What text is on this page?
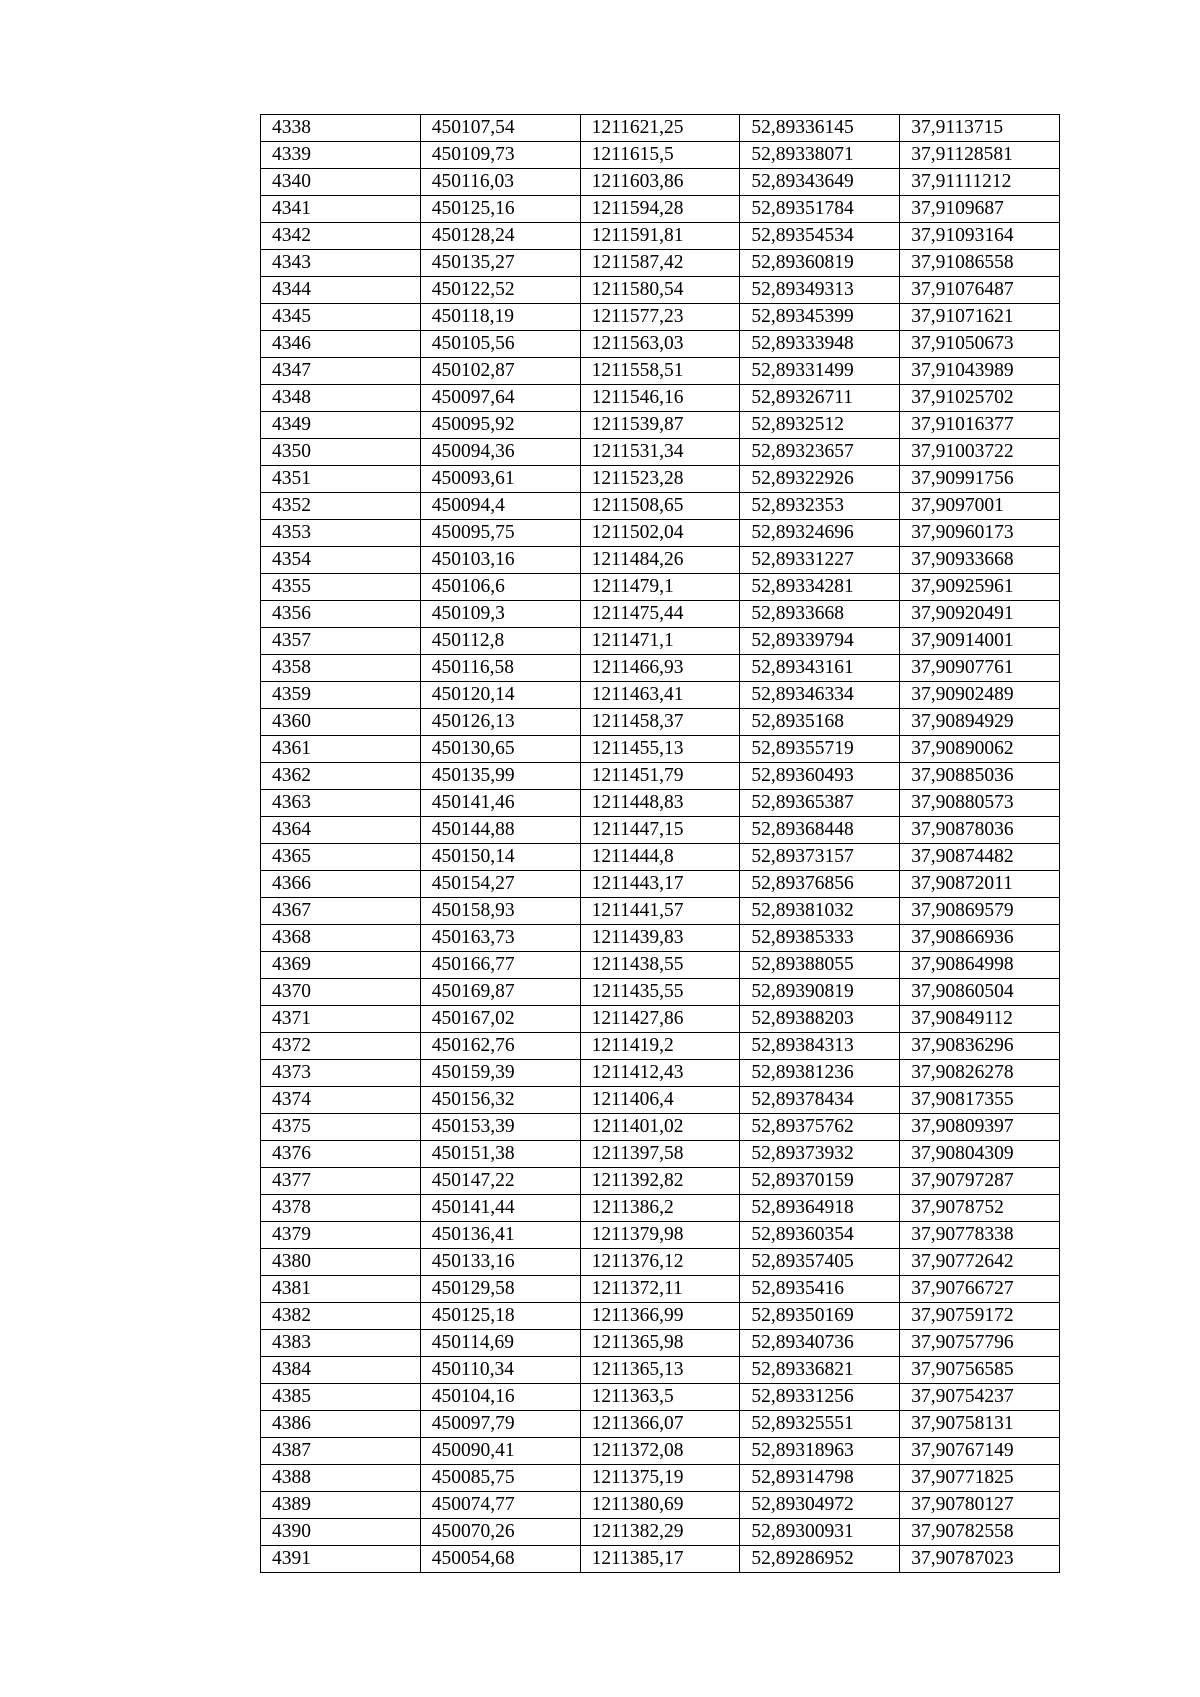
4338	450107,54	1211621,25	52,89336145	37,9113715
4339	450109,73	1211615,5	52,89338071	37,91128581
4340	450116,03	1211603,86	52,89343649	37,91111212
4341	450125,16	1211594,28	52,89351784	37,9109687
4342	450128,24	1211591,81	52,89354534	37,91093164
4343	450135,27	1211587,42	52,89360819	37,91086558
4344	450122,52	1211580,54	52,89349313	37,91076487
4345	450118,19	1211577,23	52,89345399	37,91071621
4346	450105,56	1211563,03	52,89333948	37,91050673
4347	450102,87	1211558,51	52,89331499	37,91043989
4348	450097,64	1211546,16	52,89326711	37,91025702
4349	450095,92	1211539,87	52,8932512	37,91016377
4350	450094,36	1211531,34	52,89323657	37,91003722
4351	450093,61	1211523,28	52,89322926	37,90991756
4352	450094,4	1211508,65	52,8932353	37,9097001
4353	450095,75	1211502,04	52,89324696	37,90960173
4354	450103,16	1211484,26	52,89331227	37,90933668
4355	450106,6	1211479,1	52,89334281	37,90925961
4356	450109,3	1211475,44	52,8933668	37,90920491
4357	450112,8	1211471,1	52,89339794	37,90914001
4358	450116,58	1211466,93	52,89343161	37,90907761
4359	450120,14	1211463,41	52,89346334	37,90902489
4360	450126,13	1211458,37	52,8935168	37,90894929
4361	450130,65	1211455,13	52,89355719	37,90890062
4362	450135,99	1211451,79	52,89360493	37,90885036
4363	450141,46	1211448,83	52,89365387	37,90880573
4364	450144,88	1211447,15	52,89368448	37,90878036
4365	450150,14	1211444,8	52,89373157	37,90874482
4366	450154,27	1211443,17	52,89376856	37,90872011
4367	450158,93	1211441,57	52,89381032	37,90869579
4368	450163,73	1211439,83	52,89385333	37,90866936
4369	450166,77	1211438,55	52,89388055	37,90864998
4370	450169,87	1211435,55	52,89390819	37,90860504
4371	450167,02	1211427,86	52,89388203	37,90849112
4372	450162,76	1211419,2	52,89384313	37,90836296
4373	450159,39	1211412,43	52,89381236	37,90826278
4374	450156,32	1211406,4	52,89378434	37,90817355
4375	450153,39	1211401,02	52,89375762	37,90809397
4376	450151,38	1211397,58	52,89373932	37,90804309
4377	450147,22	1211392,82	52,89370159	37,90797287
4378	450141,44	1211386,2	52,89364918	37,9078752
4379	450136,41	1211379,98	52,89360354	37,90778338
4380	450133,16	1211376,12	52,89357405	37,90772642
4381	450129,58	1211372,11	52,8935416	37,90766727
4382	450125,18	1211366,99	52,89350169	37,90759172
4383	450114,69	1211365,98	52,89340736	37,90757796
4384	450110,34	1211365,13	52,89336821	37,90756585
4385	450104,16	1211363,5	52,89331256	37,90754237
4386	450097,79	1211366,07	52,89325551	37,90758131
4387	450090,41	1211372,08	52,89318963	37,90767149
4388	450085,75	1211375,19	52,89314798	37,90771825
4389	450074,77	1211380,69	52,89304972	37,90780127
4390	450070,26	1211382,29	52,89300931	37,90782558
4391	450054,68	1211385,17	52,89286952	37,90787023
